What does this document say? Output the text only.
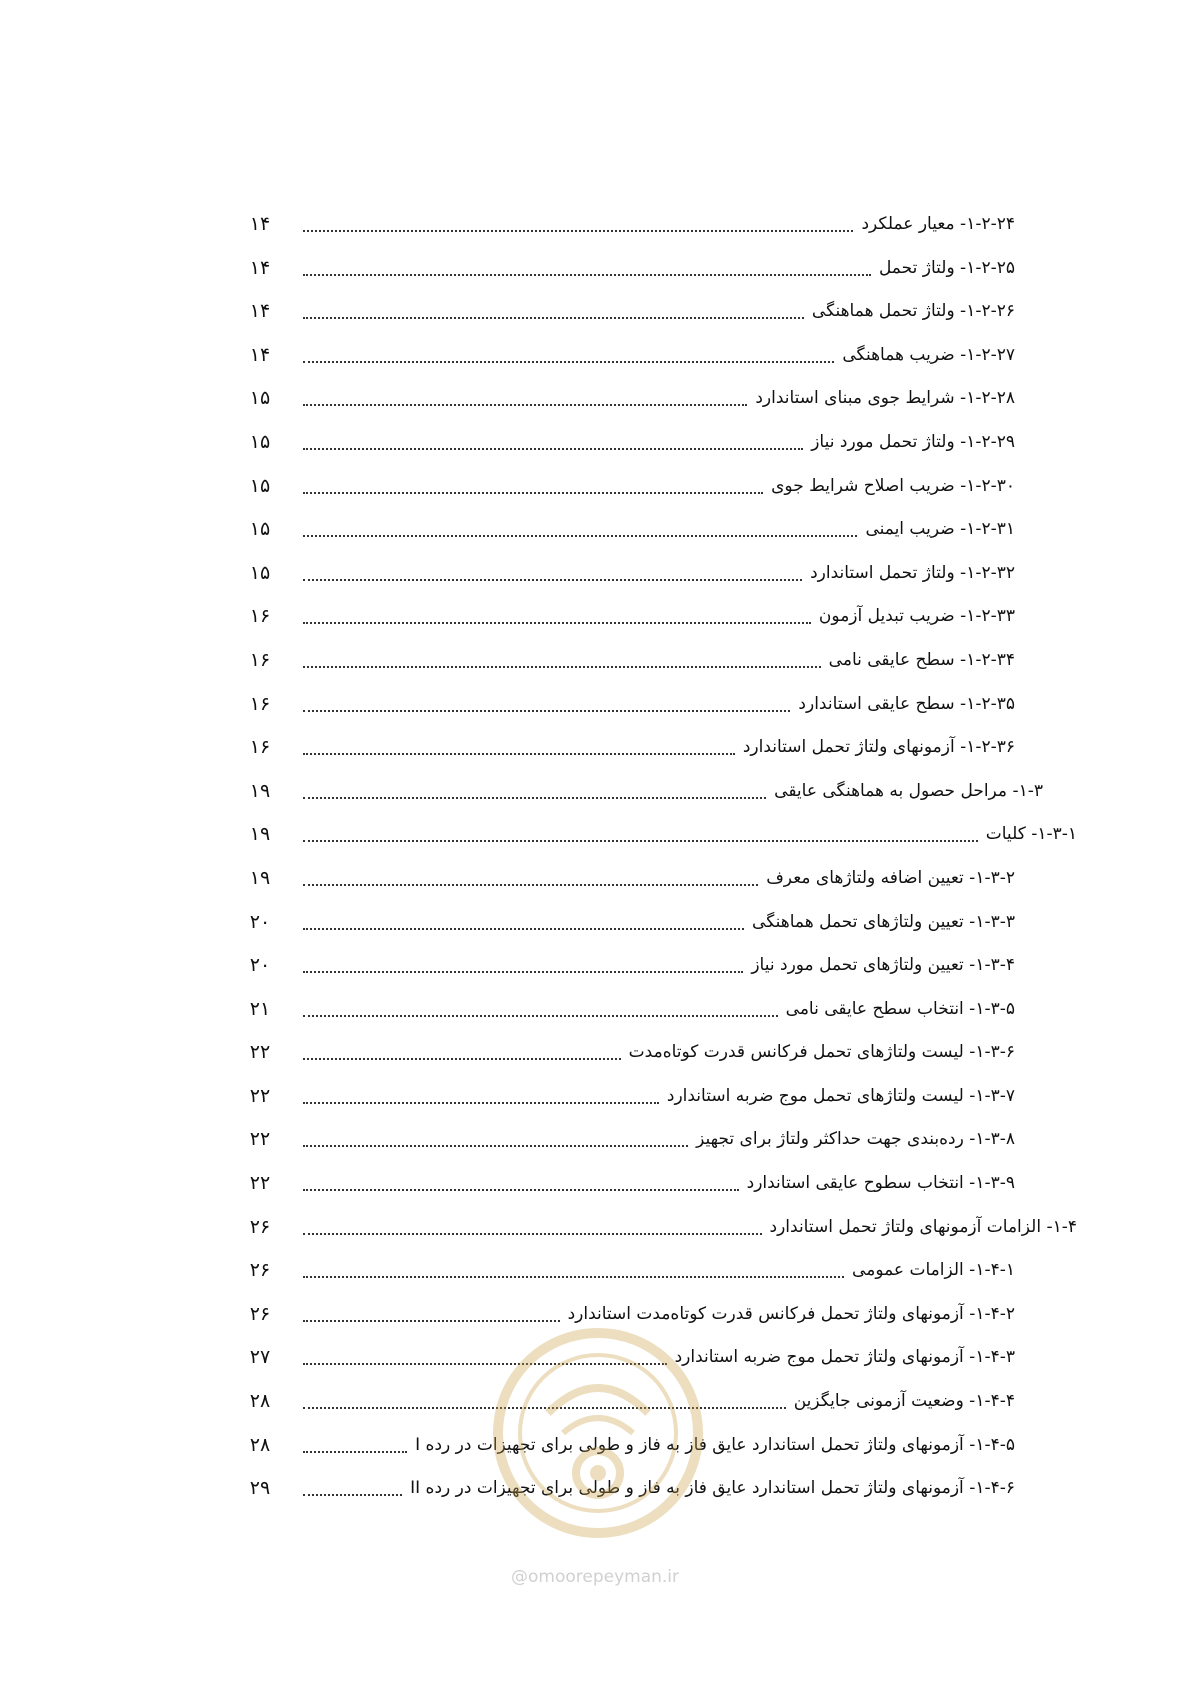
۱۴	۱-۲-۲۴- معیار عملکرد
۱۴	۱-۲-۲۵- ولتاژ تحمل
۱۴	۱-۲-۲۶- ولتاژ تحمل هماهنگی
۱۴	۱-۲-۲۷- ضریب هماهنگی
۱۵	۱-۲-۲۸- شرایط جوی مبنای استاندارد
۱۵	۱-۲-۲۹- ولتاژ تحمل مورد نیاز
۱۵	۱-۲-۳۰- ضریب اصلاح شرایط جوی
۱۵	۱-۲-۳۱- ضریب ایمنی
۱۵	۱-۲-۳۲- ولتاژ تحمل استاندارد
۱۶	۱-۲-۳۳- ضریب تبدیل آزمون
۱۶	۱-۲-۳۴- سطح عایقی نامی
۱۶	۱-۲-۳۵- سطح عایقی استاندارد
۱۶	۱-۲-۳۶- آزمونهای ولتاژ تحمل استاندارد
۱۹	۱-۳- مراحل حصول به هماهنگی عایقی
۱۹	۱-۳-۱- کلیات
۱۹	۱-۳-۲- تعیین اضافه ولتاژهای معرف
۲۰	۱-۳-۳- تعیین ولتاژهای تحمل هماهنگی
۲۰	۱-۳-۴- تعیین ولتاژهای تحمل مورد نیاز
۲۱	۱-۳-۵- انتخاب سطح عایقی نامی
۲۲	۱-۳-۶- لیست ولتاژهای تحمل فرکانس قدرت کوتاه‌مدت
۲۲	۱-۳-۷- لیست ولتاژهای تحمل موج ضربه استاندارد
۲۲	۱-۳-۸- رده‌بندی جهت حداکثر ولتاژ برای تجهیز
۲۲	۱-۳-۹- انتخاب سطوح عایقی استاندارد
۲۶	۱-۴- الزامات آزمونهای ولتاژ تحمل استاندارد
۲۶	۱-۴-۱- الزامات عمومی
۲۶	۱-۴-۲- آزمونهای ولتاژ تحمل فرکانس قدرت کوتاه‌مدت استاندارد
۲۷	۱-۴-۳- آزمونهای ولتاژ تحمل موج ضربه استاندارد
۲۸	۱-۴-۴- وضعیت آزمونی جایگزین
۲۸	۱-۴-۵- آزمونهای ولتاژ تحمل استاندارد عایق فاز به فاز و طولی برای تجهیزات در رده I
۲۹	۱-۴-۶- آزمونهای ولتاژ تحمل استاندارد عایق فاز به فاز و طولی برای تجهیزات در رده II
@omoorepeyman.ir
